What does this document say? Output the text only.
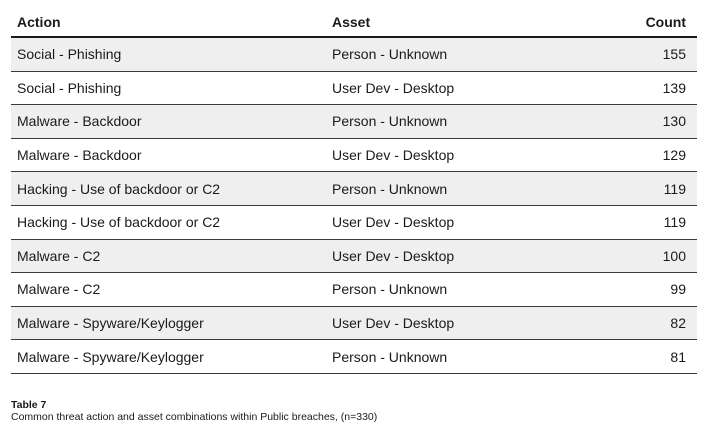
Action	Asset	Count
Social - Phishing	Person - Unknown	155
Social - Phishing	User Dev - Desktop	139
Malware - Backdoor	Person - Unknown	130
Malware - Backdoor	User Dev - Desktop	129
Hacking - Use of backdoor or C2	Person - Unknown	119
Hacking - Use of backdoor or C2	User Dev - Desktop	119
Malware - C2	User Dev - Desktop	100
Malware - C2	Person - Unknown	99
Malware - Spyware/Keylogger	User Dev - Desktop	82
Malware - Spyware/Keylogger	Person - Unknown	81
Table 7
Common threat action and asset combinations within Public breaches, (n=330)
